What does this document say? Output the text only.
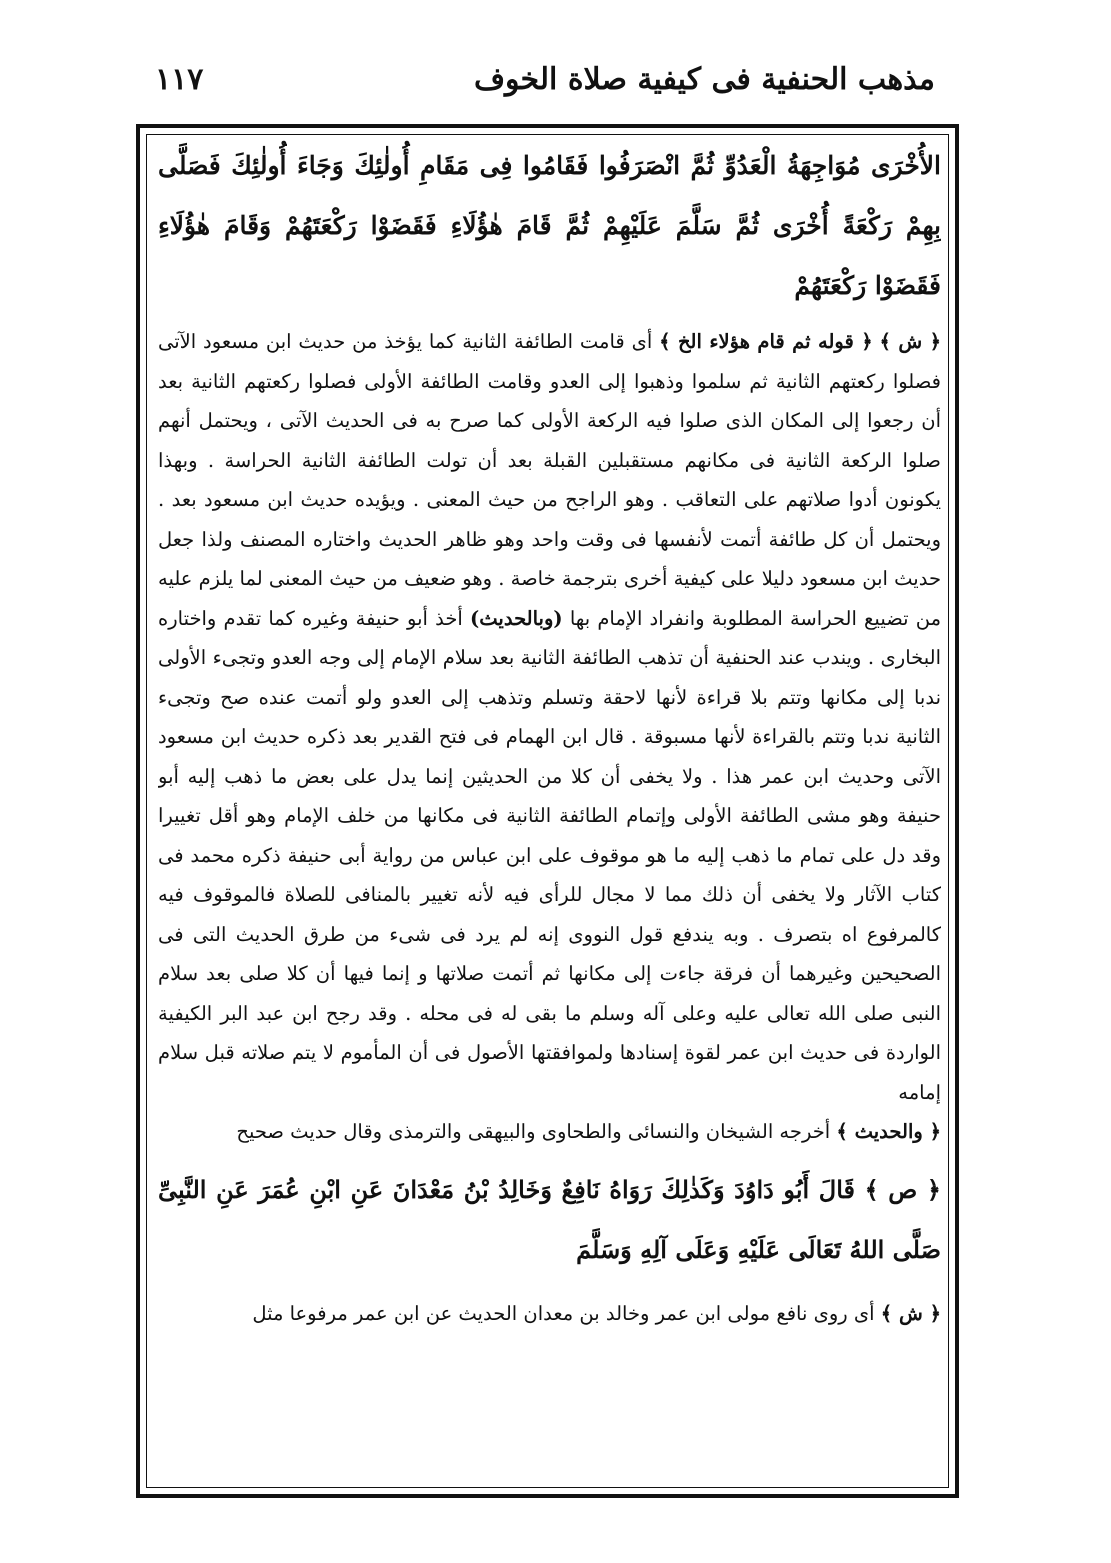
مذهب الحنفية فى كيفية صلاة الخوف
١١٧

الأُخْرَى مُوَاجِهَةُ الْعَدُوِّ ثُمَّ انْصَرَفُوا فَقَامُوا فِى مَقَامِ أُولٰئِكَ وَجَاءَ أُولٰئِكَ فَصَلَّى بِهِمْ رَكْعَةً أُخْرَى ثُمَّ سَلَّمَ عَلَيْهِمْ ثُمَّ قَامَ هٰؤُلَاءِ فَقَضَوْا رَكْعَتَهُمْ وَقَامَ هٰؤُلَاءِ فَقَضَوْا رَكْعَتَهُمْ

﴿ ش ﴾ ﴿ قوله ثم قام هؤلاء الخ ﴾ أى قامت الطائفة الثانية كما يؤخذ من حديث ابن مسعود الآتى فصلوا ركعتهم الثانية ثم سلموا وذهبوا إلى العدو وقامت الطائفة الأولى فصلوا ركعتهم الثانية بعد أن رجعوا إلى المكان الذى صلوا فيه الركعة الأولى كما صرح به فى الحديث الآتى ، ويحتمل أنهم صلوا الركعة الثانية فى مكانهم مستقبلين القبلة بعد أن تولت الطائفة الثانية الحراسة . وبهذا يكونون أدوا صلاتهم على التعاقب . وهو الراجح من حيث المعنى . ويؤيده حديث ابن مسعود بعد . ويحتمل أن كل طائفة أتمت لأنفسها فى وقت واحد وهو ظاهر الحديث واختاره المصنف ولذا جعل حديث ابن مسعود دليلا على كيفية أخرى بترجمة خاصة . وهو ضعيف من حيث المعنى لما يلزم عليه من تضييع الحراسة المطلوبة وانفراد الإمام بها (وبالحديث) أخذ أبو حنيفة وغيره كما تقدم واختاره البخارى . ويندب عند الحنفية أن تذهب الطائفة الثانية بعد سلام الإمام إلى وجه العدو وتجىء الأولى ندبا إلى مكانها وتتم بلا قراءة لأنها لاحقة وتسلم وتذهب إلى العدو ولو أتمت عنده صح وتجىء الثانية ندبا وتتم بالقراءة لأنها مسبوقة . قال ابن الهمام فى فتح القدير بعد ذكره حديث ابن مسعود الآتى وحديث ابن عمر هذا . ولا يخفى أن كلا من الحديثين إنما يدل على بعض ما ذهب إليه أبو حنيفة وهو مشى الطائفة الأولى وإتمام الطائفة الثانية فى مكانها من خلف الإمام وهو أقل تغييرا وقد دل على تمام ما ذهب إليه ما هو موقوف على ابن عباس من رواية أبى حنيفة ذكره محمد فى كتاب الآثار ولا يخفى أن ذلك مما لا مجال للرأى فيه لأنه تغيير بالمنافى للصلاة فالموقوف فيه كالمرفوع اه بتصرف . وبه يندفع قول النووى إنه لم يرد فى شىء من طرق الحديث التى فى الصحيحين وغيرهما أن فرقة جاءت إلى مكانها ثم أتمت صلاتها و إنما فيها أن كلا صلى بعد سلام النبى صلى الله تعالى عليه وعلى آله وسلم ما بقى له فى محله . وقد رجح ابن عبد البر الكيفية الواردة فى حديث ابن عمر لقوة إسنادها ولموافقتها الأصول فى أن المأموم لا يتم صلاته قبل سلام إمامه

﴿ والحديث ﴾ أخرجه الشيخان والنسائى والطحاوى والبيهقى والترمذى وقال حديث صحيح

﴿ ص ﴾ قَالَ أَبُو دَاوُدَ وَكَذٰلِكَ رَوَاهُ نَافِعٌ وَخَالِدُ بْنُ مَعْدَانَ عَنِ ابْنِ عُمَرَ عَنِ النَّبِىِّ صَلَّى اللهُ تَعَالَى عَلَيْهِ وَعَلَى آلِهِ وَسَلَّمَ

﴿ ش ﴾ أى روى نافع مولى ابن عمر وخالد بن معدان الحديث عن ابن عمر مرفوعا مثل
